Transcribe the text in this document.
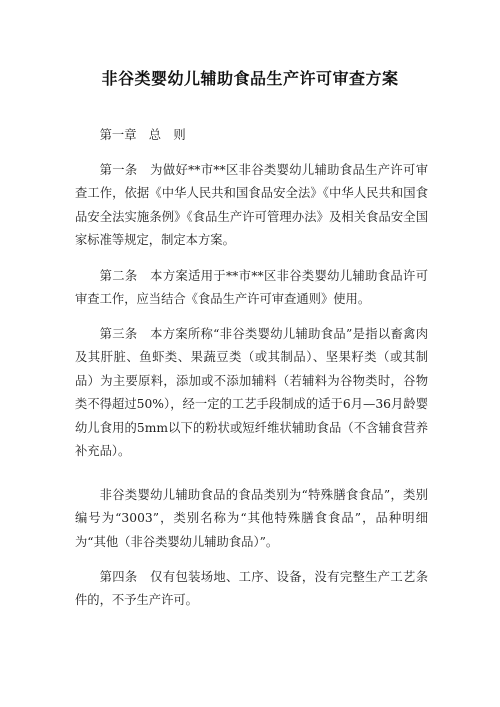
非谷类婴幼儿辅助食品生产许可审查方案

第一章　总　则

第一条　为做好**市**区非谷类婴幼儿辅助食品生产许可审查工作，依据《中华人民共和国食品安全法》《中华人民共和国食品安全法实施条例》《食品生产许可管理办法》及相关食品安全国家标准等规定，制定本方案。

第二条　本方案适用于**市**区非谷类婴幼儿辅助食品许可审查工作，应当结合《食品生产许可审查通则》使用。

第三条　本方案所称“非谷类婴幼儿辅助食品”是指以畜禽肉及其肝脏、鱼虾类、果蔬豆类（或其制品）、坚果籽类（或其制品）为主要原料，添加或不添加辅料（若辅料为谷物类时，谷物类不得超过50%），经一定的工艺手段制成的适于6月—36月龄婴幼儿食用的5mm以下的粉状或短纤维状辅助食品（不含辅食营养补充品）。

非谷类婴幼儿辅助食品的食品类别为“特殊膳食食品”，类别编号为“3003”，类别名称为“其他特殊膳食食品”，品种明细为“其他（非谷类婴幼儿辅助食品）”。

第四条　仅有包装场地、工序、设备，没有完整生产工艺条件的，不予生产许可。
